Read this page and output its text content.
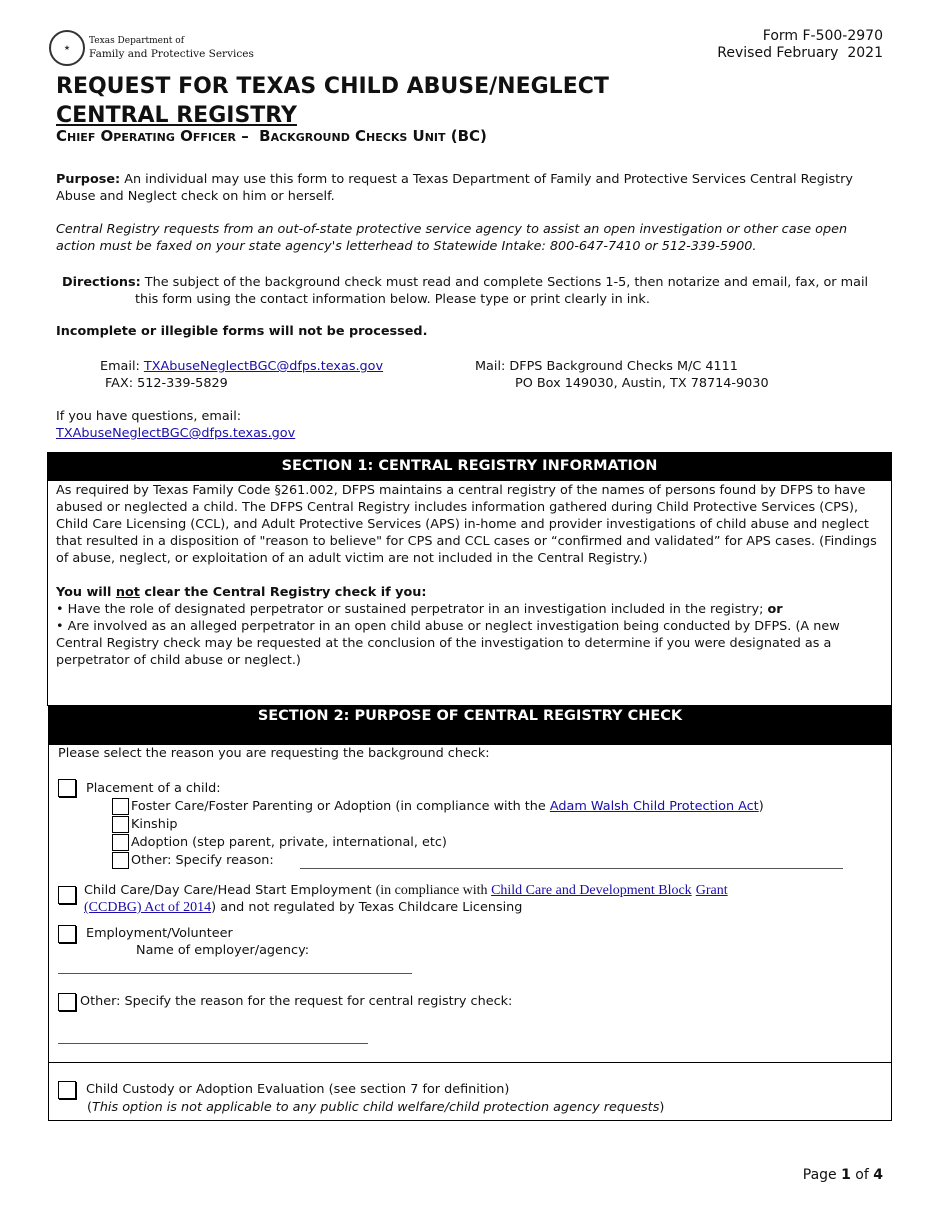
★
Texas Department of
Family and Protective Services
Form F-500-2970
Revised February  2021
REQUEST FOR TEXAS CHILD ABUSE/NEGLECT
CENTRAL REGISTRY
Chief Operating Officer –  Background Checks Unit (BC)
Purpose: An individual may use this form to request a Texas Department of Family and Protective Services Central Registry Abuse and Neglect check on him or herself.
Central Registry requests from an out-of-state protective service agency to assist an open investigation or other case open action must be faxed on your state agency's letterhead to Statewide Intake: 800-647-7410 or 512-339-5900.
Directions: The subject of the background check must read and complete Sections 1-5, then notarize and email, fax, or mail this form using the contact information below. Please type or print clearly in ink.
Incomplete or illegible forms will not be processed.
Email: TXAbuseNeglectBGC@dfps.texas.gov
FAX: 512-339-5829
Mail: DFPS Background Checks M/C 4111
PO Box 149030, Austin, TX 78714-9030
If you have questions, email:
TXAbuseNeglectBGC@dfps.texas.gov
SECTION 1: CENTRAL REGISTRY INFORMATION
As required by Texas Family Code §261.002, DFPS maintains a central registry of the names of persons found by DFPS to have abused or neglected a child. The DFPS Central Registry includes information gathered during Child Protective Services (CPS), Child Care Licensing (CCL), and Adult Protective Services (APS) in-home and provider investigations of child abuse and neglect that resulted in a disposition of "reason to believe" for CPS and CCL cases or “confirmed and validated” for APS cases. (Findings of abuse, neglect, or exploitation of an adult victim are not included in the Central Registry.)
You will not clear the Central Registry check if you:
• Have the role of designated perpetrator or sustained perpetrator in an investigation included in the registry; or
• Are involved as an alleged perpetrator in an open child abuse or neglect investigation being conducted by DFPS. (A new Central Registry check may be requested at the conclusion of the investigation to determine if you were designated as a perpetrator of child abuse or neglect.)
SECTION 2: PURPOSE OF CENTRAL REGISTRY CHECK
Please select the reason you are requesting the background check:
Placement of a child:
Foster Care/Foster Parenting or Adoption (in compliance with the Adam Walsh Child Protection Act)
Kinship
Adoption (step parent, private, international, etc)
Other: Specify reason:
Child Care/Day Care/Head Start Employment (in compliance with Child Care and Development Block Grant
(CCDBG) Act of 2014) and not regulated by Texas Childcare Licensing
Employment/Volunteer
Name of employer/agency:
Other: Specify the reason for the request for central registry check:
Child Custody or Adoption Evaluation (see section 7 for definition)
(This option is not applicable to any public child welfare/child protection agency requests)
Page 1 of 4
